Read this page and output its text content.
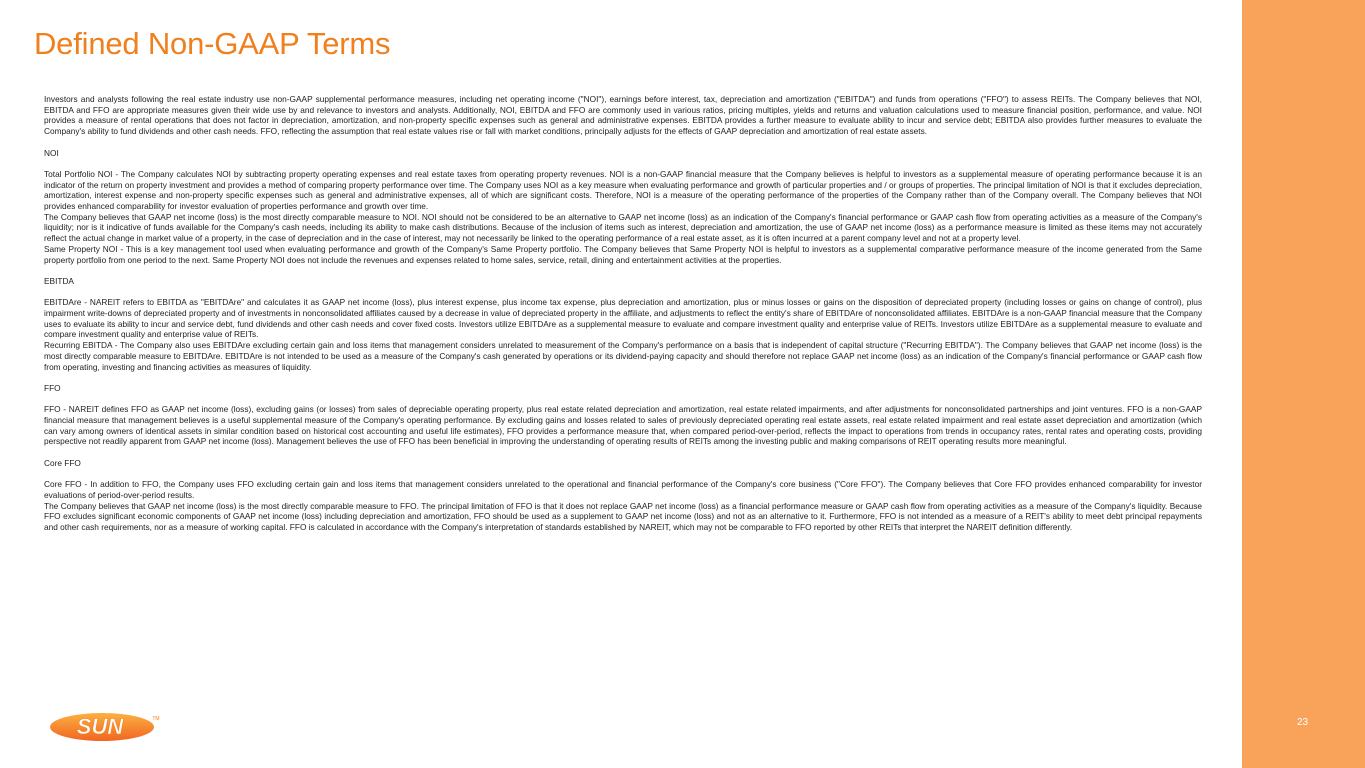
Defined Non-GAAP Terms

Investors and analysts following the real estate industry use non-GAAP supplemental performance measures, including net operating income ("NOI"), earnings before interest, tax, depreciation and amortization ("EBITDA") and funds from operations ("FFO") to assess REITs. The Company believes that NOI, EBITDA and FFO are appropriate measures given their wide use by and relevance to investors and analysts. Additionally, NOI, EBITDA and FFO are commonly used in various ratios, pricing multiples, yields and returns and valuation calculations used to measure financial position, performance, and value. NOI provides a measure of rental operations that does not factor in depreciation, amortization, and non-property specific expenses such as general and administrative expenses. EBITDA provides a further measure to evaluate ability to incur and service debt; EBITDA also provides further measures to evaluate the Company's ability to fund dividends and other cash needs. FFO, reflecting the assumption that real estate values rise or fall with market conditions, principally adjusts for the effects of GAAP depreciation and amortization of real estate assets.

NOI

Total Portfolio NOI - The Company calculates NOI by subtracting property operating expenses and real estate taxes from operating property revenues. NOI is a non-GAAP financial measure that the Company believes is helpful to investors as a supplemental measure of operating performance because it is an indicator of the return on property investment and provides a method of comparing property performance over time. The Company uses NOI as a key measure when evaluating performance and growth of particular properties and / or groups of properties. The principal limitation of NOI is that it excludes depreciation, amortization, interest expense and non-property specific expenses such as general and administrative expenses, all of which are significant costs. Therefore, NOI is a measure of the operating performance of the properties of the Company rather than of the Company overall. The Company believes that NOI provides enhanced comparability for investor evaluation of properties performance and growth over time.

The Company believes that GAAP net income (loss) is the most directly comparable measure to NOI. NOI should not be considered to be an alternative to GAAP net income (loss) as an indication of the Company's financial performance or GAAP cash flow from operating activities as a measure of the Company's liquidity; nor is it indicative of funds available for the Company's cash needs, including its ability to make cash distributions. Because of the inclusion of items such as interest, depreciation and amortization, the use of GAAP net income (loss) as a performance measure is limited as these items may not accurately reflect the actual change in market value of a property, in the case of depreciation and in the case of interest, may not necessarily be linked to the operating performance of a real estate asset, as it is often incurred at a parent company level and not at a property level.

Same Property NOI - This is a key management tool used when evaluating performance and growth of the Company's Same Property portfolio. The Company believes that Same Property NOI is helpful to investors as a supplemental comparative performance measure of the income generated from the Same property portfolio from one period to the next. Same Property NOI does not include the revenues and expenses related to home sales, service, retail, dining and entertainment activities at the properties.

EBITDA

EBITDAre - NAREIT refers to EBITDA as "EBITDAre" and calculates it as GAAP net income (loss), plus interest expense, plus income tax expense, plus depreciation and amortization, plus or minus losses or gains on the disposition of depreciated property (including losses or gains on change of control), plus impairment write-downs of depreciated property and of investments in nonconsolidated affiliates caused by a decrease in value of depreciated property in the affiliate, and adjustments to reflect the entity's share of EBITDAre of nonconsolidated affiliates. EBITDAre is a non-GAAP financial measure that the Company uses to evaluate its ability to incur and service debt, fund dividends and other cash needs and cover fixed costs. Investors utilize EBITDAre as a supplemental measure to evaluate and compare investment quality and enterprise value of REITs. Investors utilize EBITDAre as a supplemental measure to evaluate and compare investment quality and enterprise value of REITs.

Recurring EBITDA - The Company also uses EBITDAre excluding certain gain and loss items that management considers unrelated to measurement of the Company's performance on a basis that is independent of capital structure ("Recurring EBITDA"). The Company believes that GAAP net income (loss) is the most directly comparable measure to EBITDAre. EBITDAre is not intended to be used as a measure of the Company's cash generated by operations or its dividend-paying capacity and should therefore not replace GAAP net income (loss) as an indication of the Company's financial performance or GAAP cash flow from operating, investing and financing activities as measures of liquidity.

FFO

FFO - NAREIT defines FFO as GAAP net income (loss), excluding gains (or losses) from sales of depreciable operating property, plus real estate related depreciation and amortization, real estate related impairments, and after adjustments for nonconsolidated partnerships and joint ventures. FFO is a non-GAAP financial measure that management believes is a useful supplemental measure of the Company's operating performance. By excluding gains and losses related to sales of previously depreciated operating real estate assets, real estate related impairment and real estate asset depreciation and amortization (which can vary among owners of identical assets in similar condition based on historical cost accounting and useful life estimates), FFO provides a performance measure that, when compared period-over-period, reflects the impact to operations from trends in occupancy rates, rental rates and operating costs, providing perspective not readily apparent from GAAP net income (loss). Management believes the use of FFO has been beneficial in improving the understanding of operating results of REITs among the investing public and making comparisons of REIT operating results more meaningful.

Core FFO

Core FFO - In addition to FFO, the Company uses FFO excluding certain gain and loss items that management considers unrelated to the operational and financial performance of the Company's core business ("Core FFO"). The Company believes that Core FFO provides enhanced comparability for investor evaluations of period-over-period results.

The Company believes that GAAP net income (loss) is the most directly comparable measure to FFO. The principal limitation of FFO is that it does not replace GAAP net income (loss) as a financial performance measure or GAAP cash flow from operating activities as a measure of the Company's liquidity. Because FFO excludes significant economic components of GAAP net income (loss) including depreciation and amortization, FFO should be used as a supplement to GAAP net income (loss) and not as an alternative to it. Furthermore, FFO is not intended as a measure of a REIT's ability to meet debt principal repayments and other cash requirements, nor as a measure of working capital. FFO is calculated in accordance with the Company's interpretation of standards established by NAREIT, which may not be comparable to FFO reported by other REITs that interpret the NAREIT definition differently.

SUN	TM	23
